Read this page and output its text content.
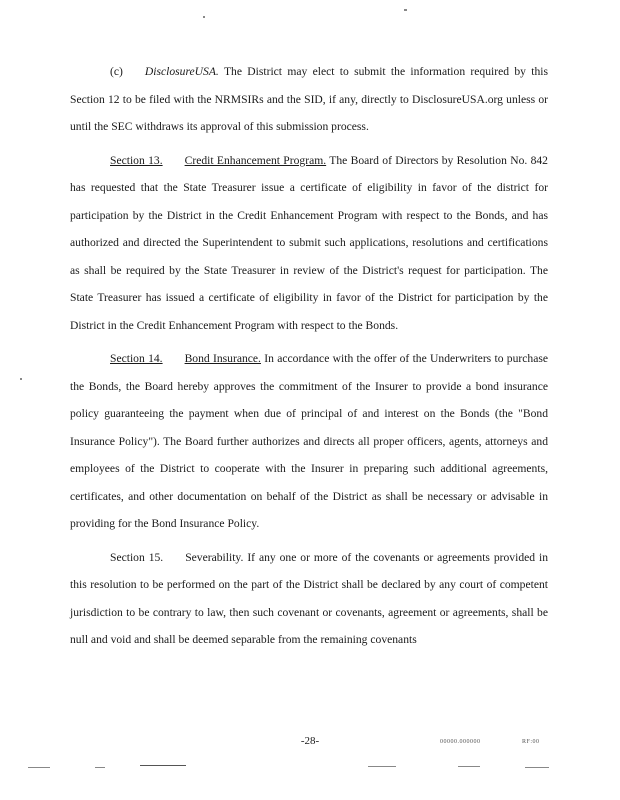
(c) DisclosureUSA. The District may elect to submit the information required by this Section 12 to be filed with the NRMSIRs and the SID, if any, directly to DisclosureUSA.org unless or until the SEC withdraws its approval of this submission process.

Section 13. Credit Enhancement Program. The Board of Directors by Resolution No. 842 has requested that the State Treasurer issue a certificate of eligibility in favor of the district for participation by the District in the Credit Enhancement Program with respect to the Bonds, and has authorized and directed the Superintendent to submit such applications, resolutions and certifications as shall be required by the State Treasurer in review of the District's request for participation. The State Treasurer has issued a certificate of eligibility in favor of the District for participation by the District in the Credit Enhancement Program with respect to the Bonds.

Section 14. Bond Insurance. In accordance with the offer of the Underwriters to purchase the Bonds, the Board hereby approves the commitment of the Insurer to provide a bond insurance policy guaranteeing the payment when due of principal of and interest on the Bonds (the "Bond Insurance Policy"). The Board further authorizes and directs all proper officers, agents, attorneys and employees of the District to cooperate with the Insurer in preparing such additional agreements, certificates, and other documentation on behalf of the District as shall be necessary or advisable in providing for the Bond Insurance Policy.

Section 15. Severability. If any one or more of the covenants or agreements provided in this resolution to be performed on the part of the District shall be declared by any court of competent jurisdiction to be contrary to law, then such covenant or covenants, agreement or agreements, shall be null and void and shall be deemed separable from the remaining covenants

-28-	00000.000000	RF:00
